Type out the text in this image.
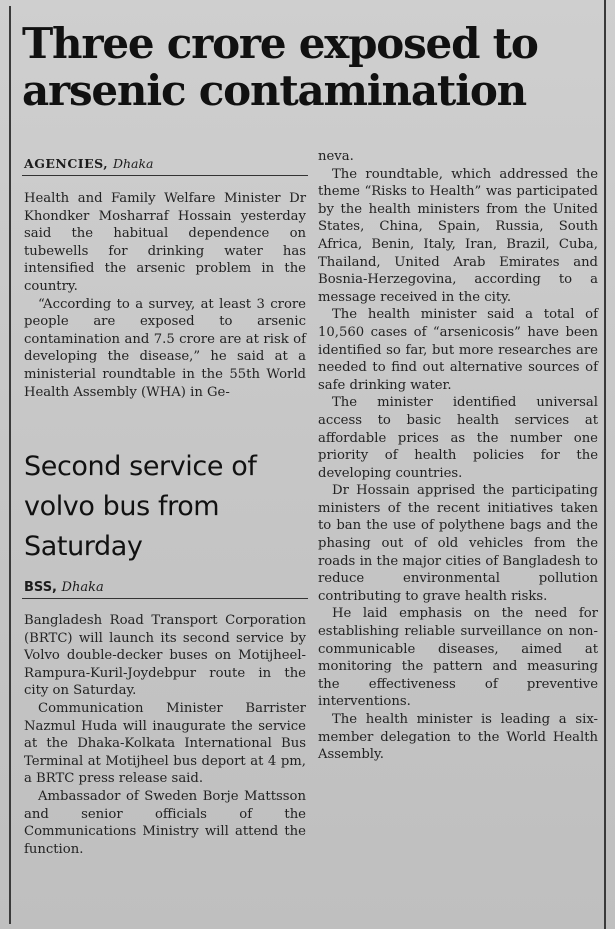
Three crore exposed to arsenic contamination
AGENCIES, Dhaka

Health and Family Welfare Minister Dr Khondker Mosharraf Hossain yesterday said the habitual dependence on tubewells for drinking water has intensified the arsenic problem in the country.

“According to a survey, at least 3 crore people are exposed to arsenic contamination and 7.5 crore are at risk of developing the disease,” he said at a ministerial roundtable in the 55th World Health Assembly (WHA) in Ge-

Second service of volvo bus from Saturday
BSS, Dhaka

Bangladesh Road Transport Corporation (BRTC) will launch its second service by Volvo double-decker buses on Motijheel-Rampura-Kuril-Joydebpur route in the city on Saturday.

Communication Minister Barrister Nazmul Huda will inaugurate the service at the Dhaka-Kolkata International Bus Terminal at Motijheel bus deport at 4 pm, a BRTC press release said.

Ambassador of Sweden Borje Mattsson and senior officials of the Communications Ministry will attend the function.

neva.

The roundtable, which addressed the theme “Risks to Health” was participated by the health ministers from the United States, China, Spain, Russia, South Africa, Benin, Italy, Iran, Brazil, Cuba, Thailand, United Arab Emirates and Bosnia-Herzegovina, according to a message received in the city.

The health minister said a total of 10,560 cases of “arsenicosis” have been identified so far, but more researches are needed to find out alternative sources of safe drinking water.

The minister identified universal access to basic health services at affordable prices as the number one priority of health policies for the developing countries.

Dr Hossain apprised the participating ministers of the recent initiatives taken to ban the use of polythene bags and the phasing out of old vehicles from the roads in the major cities of Bangladesh to reduce environmental pollution contributing to grave health risks.

He laid emphasis on the need for establishing reliable surveillance on non-communicable diseases, aimed at monitoring the pattern and measuring the effectiveness of preventive interventions.

The health minister is leading a six-member delegation to the World Health Assembly.
